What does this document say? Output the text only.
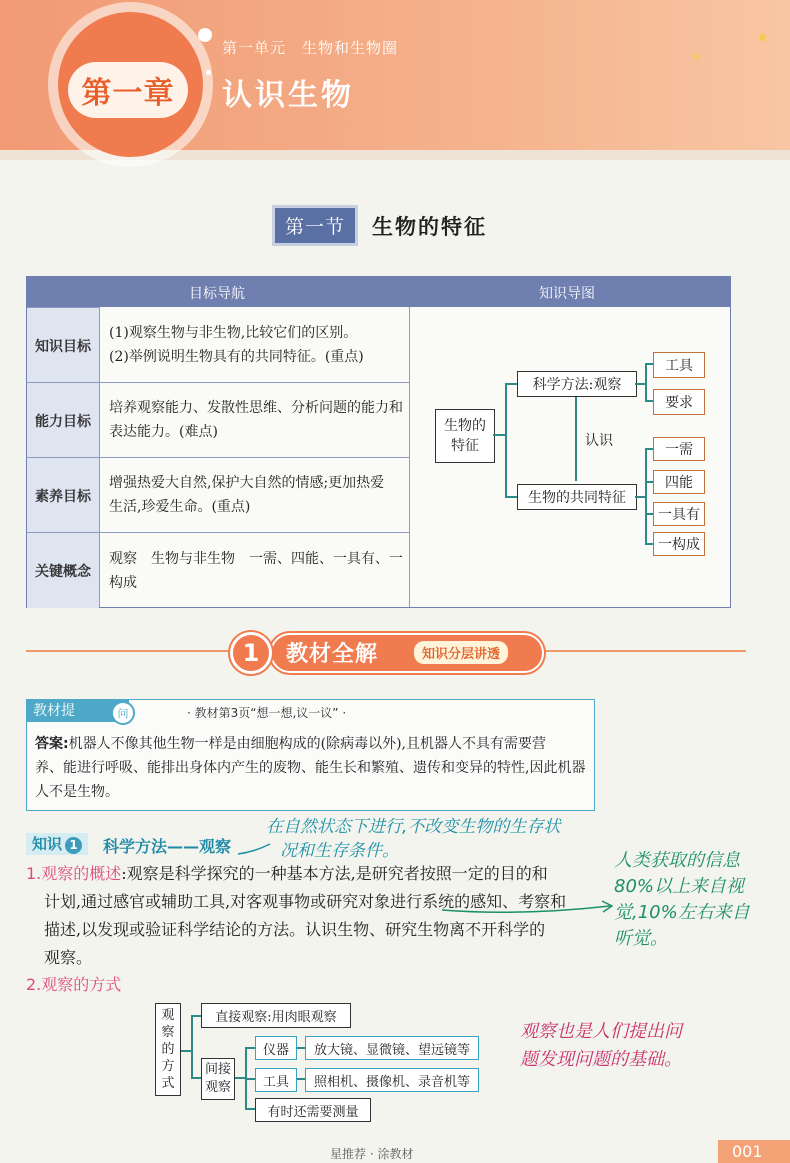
第一章
第一单元　生物和生物圈
认识生物
★
★
第一节	生物的特征
目标导航	知识导图
知识目标
(1)观察生物与非生物,比较它们的区别。
(2)举例说明生物具有的共同特征。(重点)
能力目标
培养观察能力、发散性思维、分析问题的能力和
表达能力。(难点)
素养目标
增强热爱大自然,保护大自然的情感;更加热爱
生活,珍爱生命。(重点)
关键概念
观察　生物与非生物　一需、四能、一具有、一
构成
生物的特征
科学方法:观察
生物的共同特征
认识
工具
要求
一需
四能
一具有
一构成
1	教材全解	知识分层讲透
教材提	问	· 教材第3页“想一想,议一议” ·
答案:机器人不像其他生物一样是由细胞构成的(除病毒以外),且机器人不具有需要营
养、能进行呼吸、能排出身体内产生的废物、能生长和繁殖、遗传和变异的特性,因此机器
人不是生物。
知识 1	科学方法——观察
在自然状态下进行,不改变生物的生存状
况和生存条件。	人类获取的信息
80%以上来自视
觉,10%左右来自
听觉。
1.观察的概述:观察是科学探究的一种基本方法,是研究者按照一定的目的和
计划,通过感官或辅助工具,对客观事物或研究对象进行系统的感知、考察和
描述,以发现或验证科学结论的方法。认识生物、研究生物离不开科学的
观察。
2.观察的方式
观察也是人们提出问
题发现问题的基础。
观
察
的
方
式
直接观察:用肉眼观察
间接
观察
仪器	放大镜、显微镜、望远镜等
工具	照相机、摄像机、录音机等
有时还需要测量
星推荐 · 涂教材	001
